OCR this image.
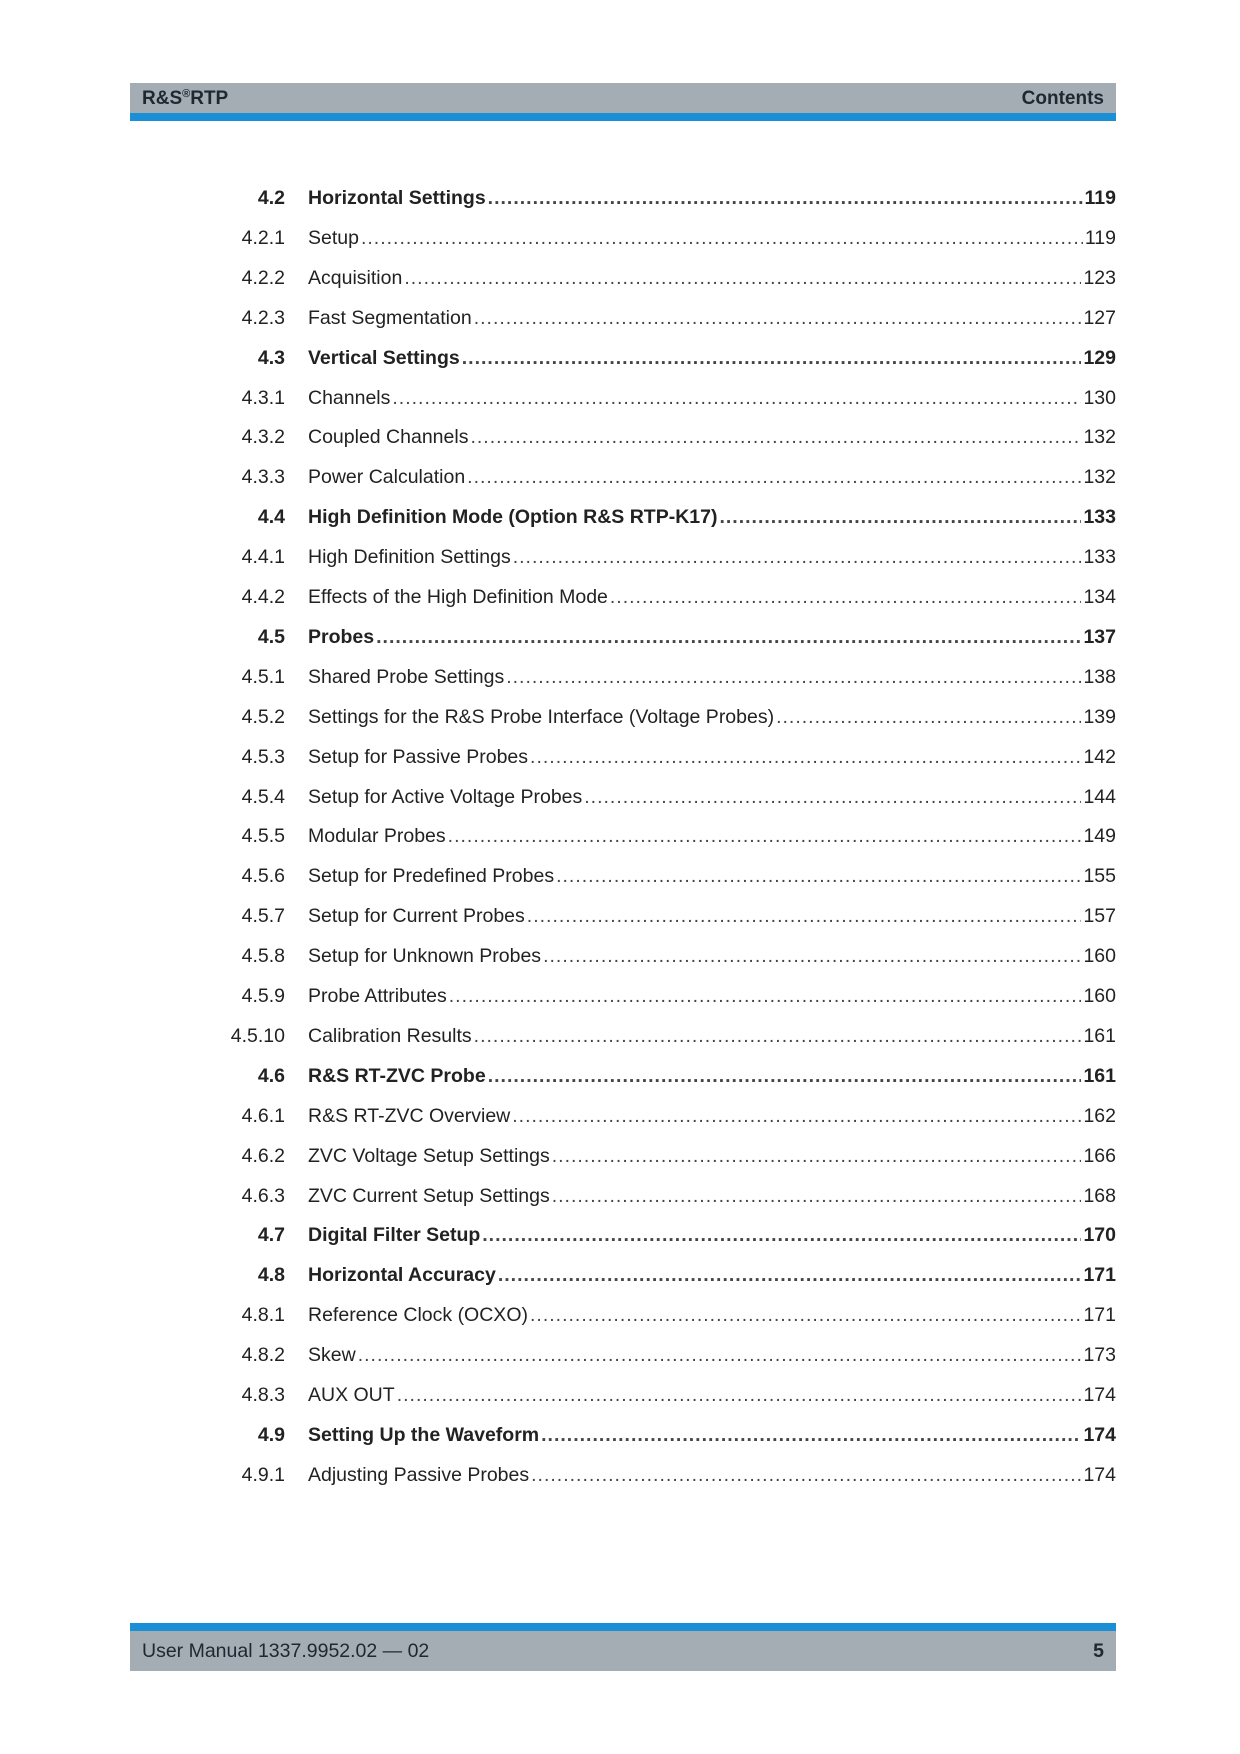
R&S®RTP	Contents
4.2 Horizontal Settings .....	119
4.2.1 Setup .....	119
4.2.2 Acquisition .....	123
4.2.3 Fast Segmentation .....	127
4.3 Vertical Settings .....	129
4.3.1 Channels .....	130
4.3.2 Coupled Channels .....	132
4.3.3 Power Calculation .....	132
4.4 High Definition Mode (Option R&S RTP-K17) .....	133
4.4.1 High Definition Settings .....	133
4.4.2 Effects of the High Definition Mode .....	134
4.5 Probes .....	137
4.5.1 Shared Probe Settings .....	138
4.5.2 Settings for the R&S Probe Interface (Voltage Probes) .....	139
4.5.3 Setup for Passive Probes .....	142
4.5.4 Setup for Active Voltage Probes .....	144
4.5.5 Modular Probes .....	149
4.5.6 Setup for Predefined Probes .....	155
4.5.7 Setup for Current Probes .....	157
4.5.8 Setup for Unknown Probes .....	160
4.5.9 Probe Attributes .....	160
4.5.10 Calibration Results .....	161
4.6 R&S RT-ZVC Probe .....	161
4.6.1 R&S RT-ZVC Overview .....	162
4.6.2 ZVC Voltage Setup Settings .....	166
4.6.3 ZVC Current Setup Settings .....	168
4.7 Digital Filter Setup .....	170
4.8 Horizontal Accuracy .....	171
4.8.1 Reference Clock (OCXO) .....	171
4.8.2 Skew .....	173
4.8.3 AUX OUT .....	174
4.9 Setting Up the Waveform .....	174
4.9.1 Adjusting Passive Probes .....	174
User Manual 1337.9952.02 ― 02	5
